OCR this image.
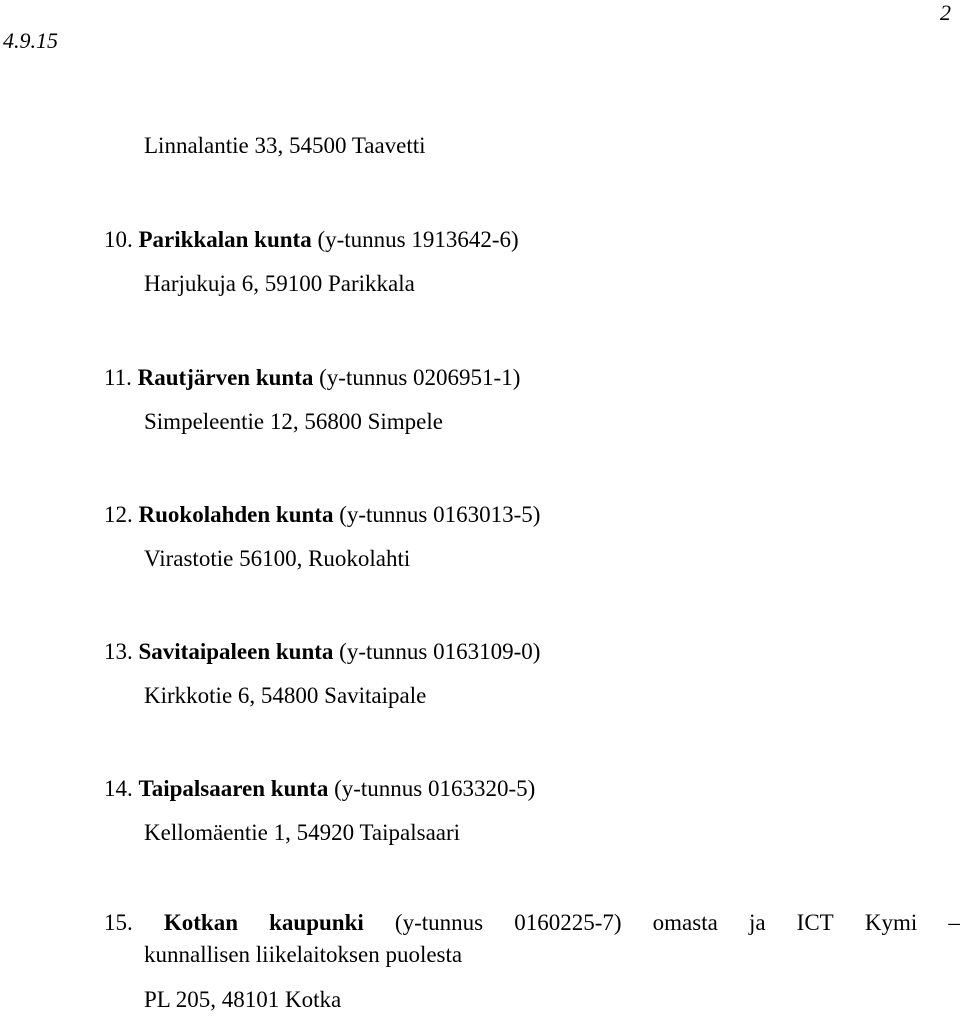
4.9.15
2
Linnalantie 33, 54500 Taavetti
10. Parikkalan kunta (y-tunnus 1913642-6)
Harjukuja 6, 59100 Parikkala
11. Rautjärven kunta (y-tunnus 0206951-1)
Simpeleentie 12, 56800 Simpele
12. Ruokolahden kunta (y-tunnus 0163013-5)
Virastotie 56100, Ruokolahti
13. Savitaipaleen kunta (y-tunnus 0163109-0)
Kirkkotie 6, 54800 Savitaipale
14. Taipalsaaren kunta (y-tunnus 0163320-5)
Kellomäentie 1, 54920 Taipalsaari
15. Kotkan kaupunki (y-tunnus 0160225-7) omasta ja ICT Kymi –
kunnallisen liikelaitoksen puolesta
PL 205, 48101 Kotka
